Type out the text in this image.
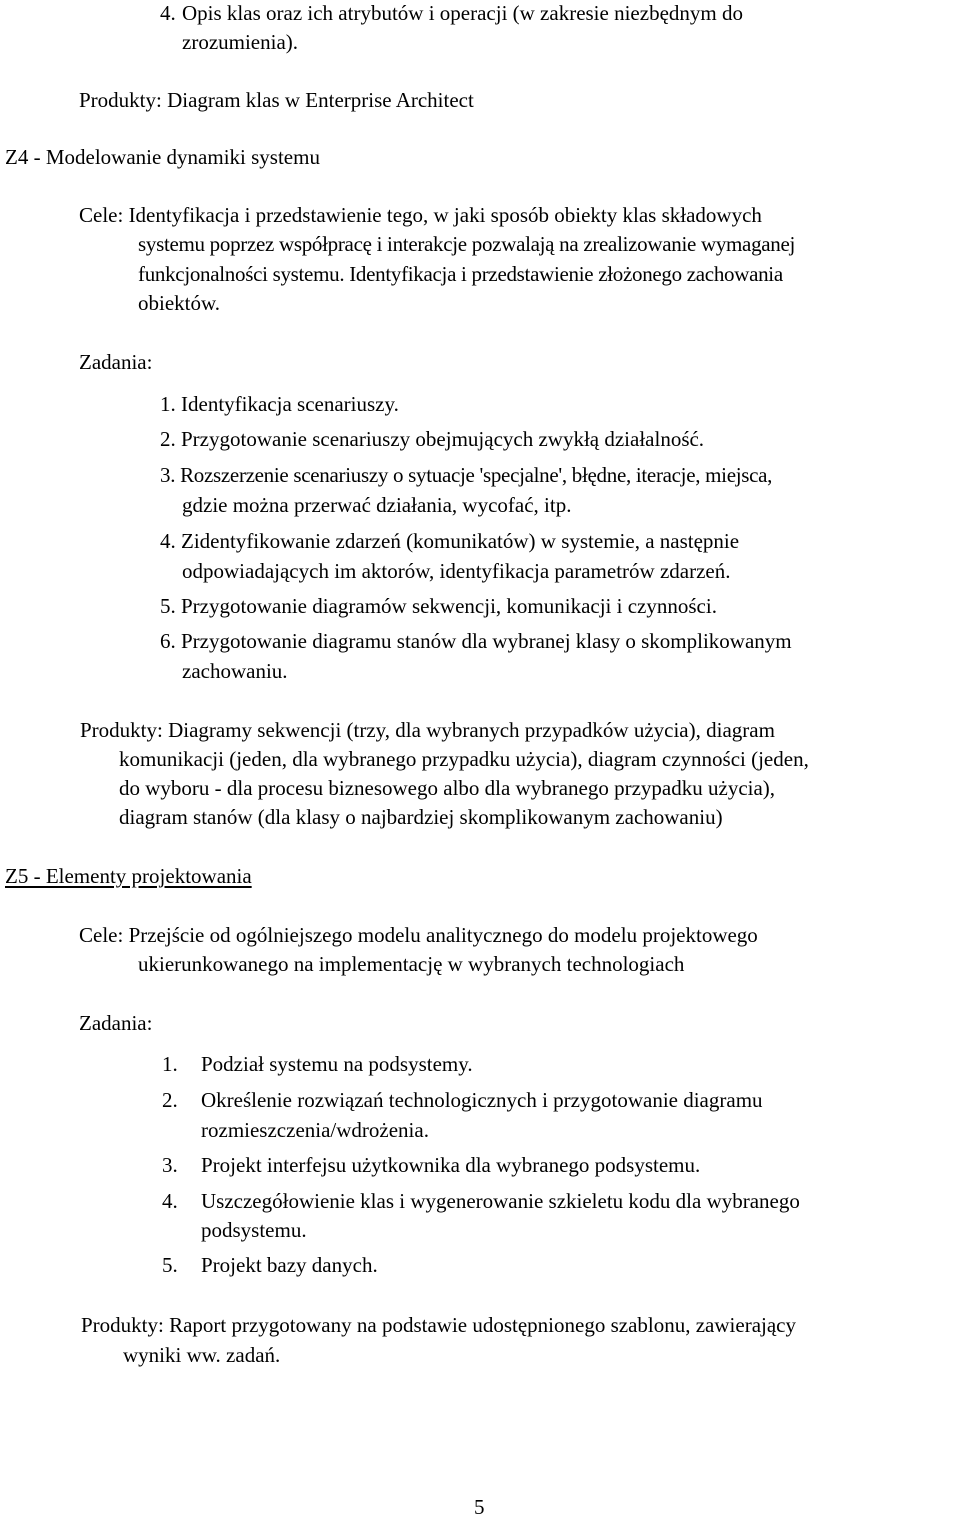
4. Opis klas oraz ich atrybutów i operacji (w zakresie niezbędnym do
zrozumienia).
Produkty: Diagram klas w Enterprise Architect
Z4 - Modelowanie dynamiki systemu
Cele: Identyfikacja i przedstawienie tego, w jaki sposób obiekty klas składowych
systemu poprzez współpracę i interakcje pozwalają na zrealizowanie wymaganej
funkcjonalności systemu. Identyfikacja i przedstawienie złożonego zachowania
obiektów.
Zadania:
1. Identyfikacja scenariuszy.
2. Przygotowanie scenariuszy obejmujących zwykłą działalność.
3. Rozszerzenie scenariuszy o sytuacje 'specjalne', błędne, iteracje, miejsca,
gdzie można przerwać działania, wycofać, itp.
4. Zidentyfikowanie zdarzeń (komunikatów) w systemie, a następnie
odpowiadających im aktorów, identyfikacja parametrów zdarzeń.
5. Przygotowanie diagramów sekwencji, komunikacji i czynności.
6. Przygotowanie diagramu stanów dla wybranej klasy o skomplikowanym
zachowaniu.
Produkty: Diagramy sekwencji (trzy, dla wybranych przypadków użycia), diagram
komunikacji (jeden, dla wybranego przypadku użycia), diagram czynności (jeden,
do wyboru - dla procesu biznesowego albo dla wybranego przypadku użycia),
diagram stanów (dla klasy o najbardziej skomplikowanym zachowaniu)
Z5 - Elementy projektowania
Cele: Przejście od ogólniejszego modelu analitycznego do modelu projektowego
ukierunkowanego na implementację w wybranych technologiach
Zadania:
1. Podział systemu na podsystemy.
2. Określenie rozwiązań technologicznych i przygotowanie diagramu
rozmieszczenia/wdrożenia.
3. Projekt interfejsu użytkownika dla wybranego podsystemu.
4. Uszczegółowienie klas i wygenerowanie szkieletu kodu dla wybranego
podsystemu.
5. Projekt bazy danych.
Produkty: Raport przygotowany na podstawie udostępnionego szablonu, zawierający
wyniki ww. zadań.
5
